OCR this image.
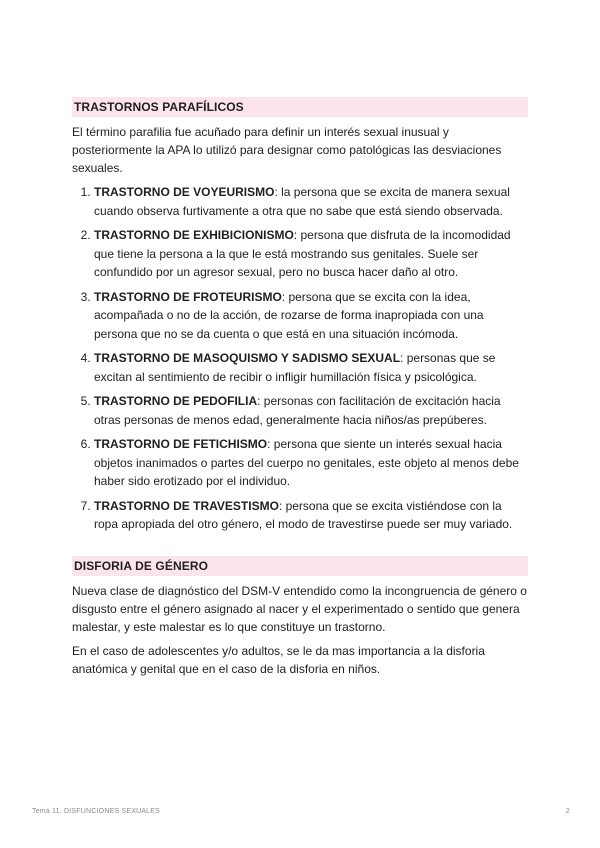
TRASTORNOS PARAFÍLICOS

El término parafilia fue acuñado para definir un interés sexual inusual y posteriormente la APA lo utilizó para designar como patológicas las desviaciones sexuales.

1. TRASTORNO DE VOYEURISMO: la persona que se excita de manera sexual cuando observa furtivamente a otra que no sabe que está siendo observada.
2. TRASTORNO DE EXHIBICIONISMO: persona que disfruta de la incomodidad que tiene la persona a la que le está mostrando sus genitales. Suele ser confundido por un agresor sexual, pero no busca hacer daño al otro.
3. TRASTORNO DE FROTEURISMO: persona que se excita con la idea, acompañada o no de la acción, de rozarse de forma inapropiada con una persona que no se da cuenta o que está en una situación incómoda.
4. TRASTORNO DE MASOQUISMO Y SADISMO SEXUAL: personas que se excitan al sentimiento de recibir o infligir humillación física y psicológica.
5. TRASTORNO DE PEDOFILIA: personas con facilitación de excitación hacia otras personas de menos edad, generalmente hacia niños/as prepúberes.
6. TRASTORNO DE FETICHISMO: persona que siente un interés sexual hacia objetos inanimados o partes del cuerpo no genitales, este objeto al menos debe haber sido erotizado por el individuo.
7. TRASTORNO DE TRAVESTISMO: persona que se excita vistiéndose con la ropa apropiada del otro género, el modo de travestirse puede ser muy variado.
DISFORIA DE GÉNERO

Nueva clase de diagnóstico del DSM-V entendido como la incongruencia de género o disgusto entre el género asignado al nacer y el experimentado o sentido que genera malestar, y este malestar es lo que constituye un trastorno.

En el caso de adolescentes y/o adultos, se le da mas importancia a la disforia anatómica y genital que en el caso de la disforia en niños.

Tema 11. DISFUNCIONES SEXUALES	2
